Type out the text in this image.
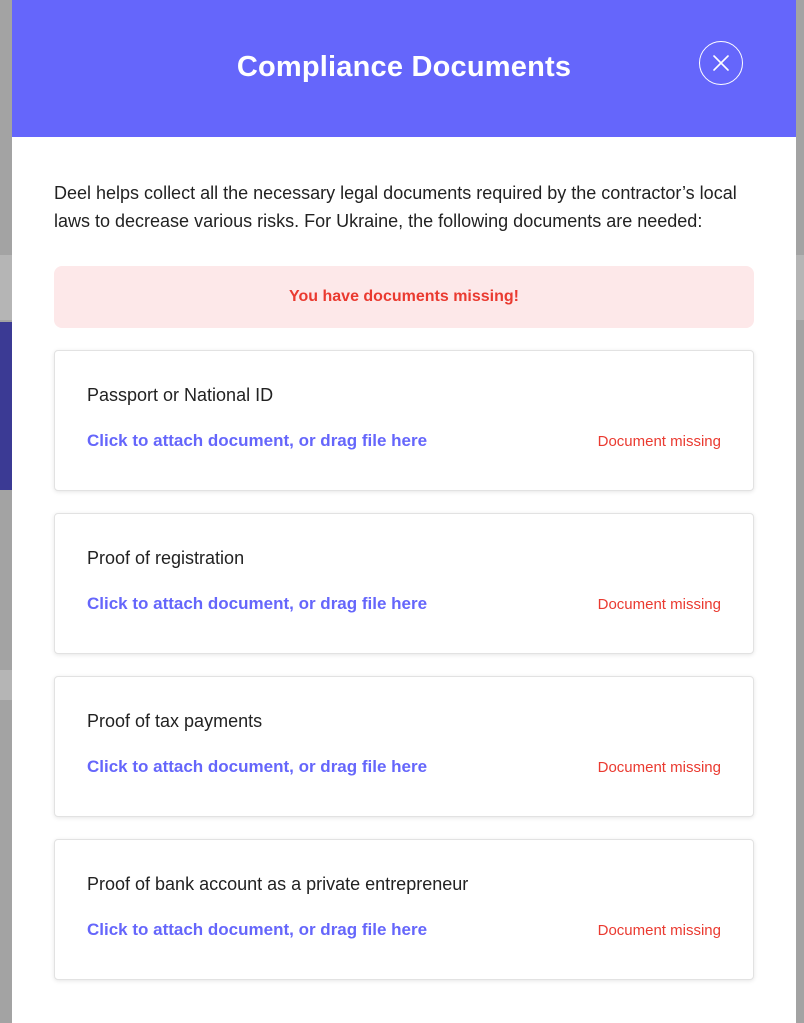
Compliance Documents

Deel helps collect all the necessary legal documents required by the contractor’s local laws to decrease various risks. For Ukraine, the following documents are needed:

You have documents missing!
Passport or National ID
Click to attach document, or drag file here	Document missing
Proof of registration
Click to attach document, or drag file here	Document missing
Proof of tax payments
Click to attach document, or drag file here	Document missing
Proof of bank account as a private entrepreneur
Click to attach document, or drag file here	Document missing
